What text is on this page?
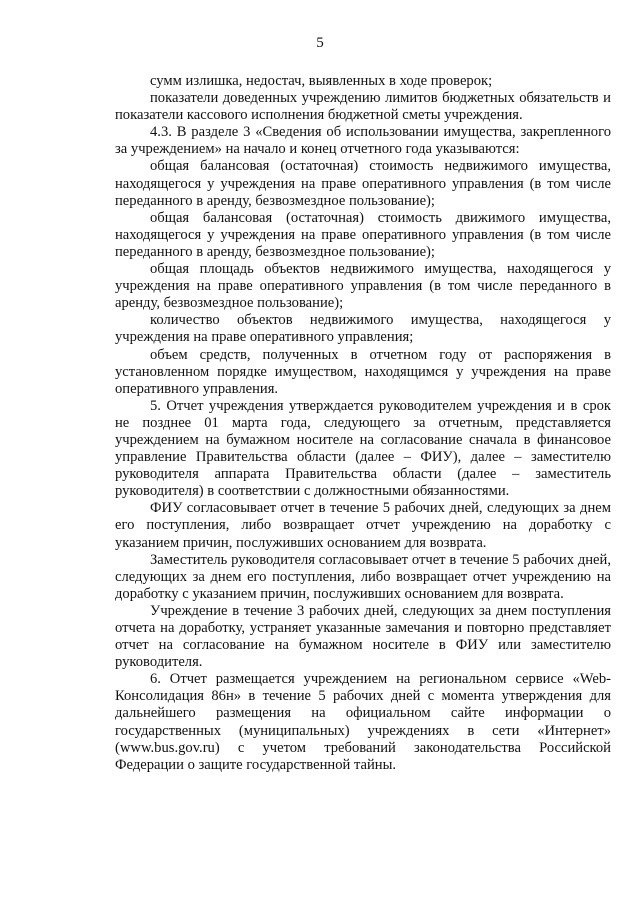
5

сумм излишка, недостач, выявленных в ходе проверок;

показатели доведенных учреждению лимитов бюджетных обязательств и показатели кассового исполнения бюджетной сметы учреждения.

4.3. В разделе 3 «Сведения об использовании имущества, закрепленного за учреждением» на начало и конец отчетного года указываются:

общая балансовая (остаточная) стоимость недвижимого имущества, находящегося у учреждения на праве оперативного управления (в том числе переданного в аренду, безвозмездное пользование);

общая балансовая (остаточная) стоимость движимого имущества, находящегося у учреждения на праве оперативного управления (в том числе переданного в аренду, безвозмездное пользование);

общая площадь объектов недвижимого имущества, находящегося у учреждения на праве оперативного управления (в том числе переданного в аренду, безвозмездное пользование);

количество объектов недвижимого имущества, находящегося у учреждения на праве оперативного управления;

объем средств, полученных в отчетном году от распоряжения в установленном порядке имуществом, находящимся у учреждения на праве оперативного управления.

5. Отчет учреждения утверждается руководителем учреждения и в срок не позднее 01 марта года, следующего за отчетным, представляется учреждением на бумажном носителе на согласование сначала в финансовое управление Правительства области (далее – ФИУ), далее – заместителю руководителя аппарата Правительства области (далее – заместитель руководителя) в соответствии с должностными обязанностями.

ФИУ согласовывает отчет в течение 5 рабочих дней, следующих за днем его поступления, либо возвращает отчет учреждению на доработку с указанием причин, послуживших основанием для возврата.

Заместитель руководителя согласовывает отчет в течение 5 рабочих дней, следующих за днем его поступления, либо возвращает отчет учреждению на доработку с указанием причин, послуживших основанием для возврата.

Учреждение в течение 3 рабочих дней, следующих за днем поступления отчета на доработку, устраняет указанные замечания и повторно представляет отчет на согласование на бумажном носителе в ФИУ или заместителю руководителя.

6. Отчет размещается учреждением на региональном сервисе «Web-Консолидация 86н» в течение 5 рабочих дней с момента утверждения для дальнейшего размещения на официальном сайте информации о государственных (муниципальных) учреждениях в сети «Интернет» (www.bus.gov.ru) с учетом требований законодательства Российской Федерации о защите государственной тайны.
